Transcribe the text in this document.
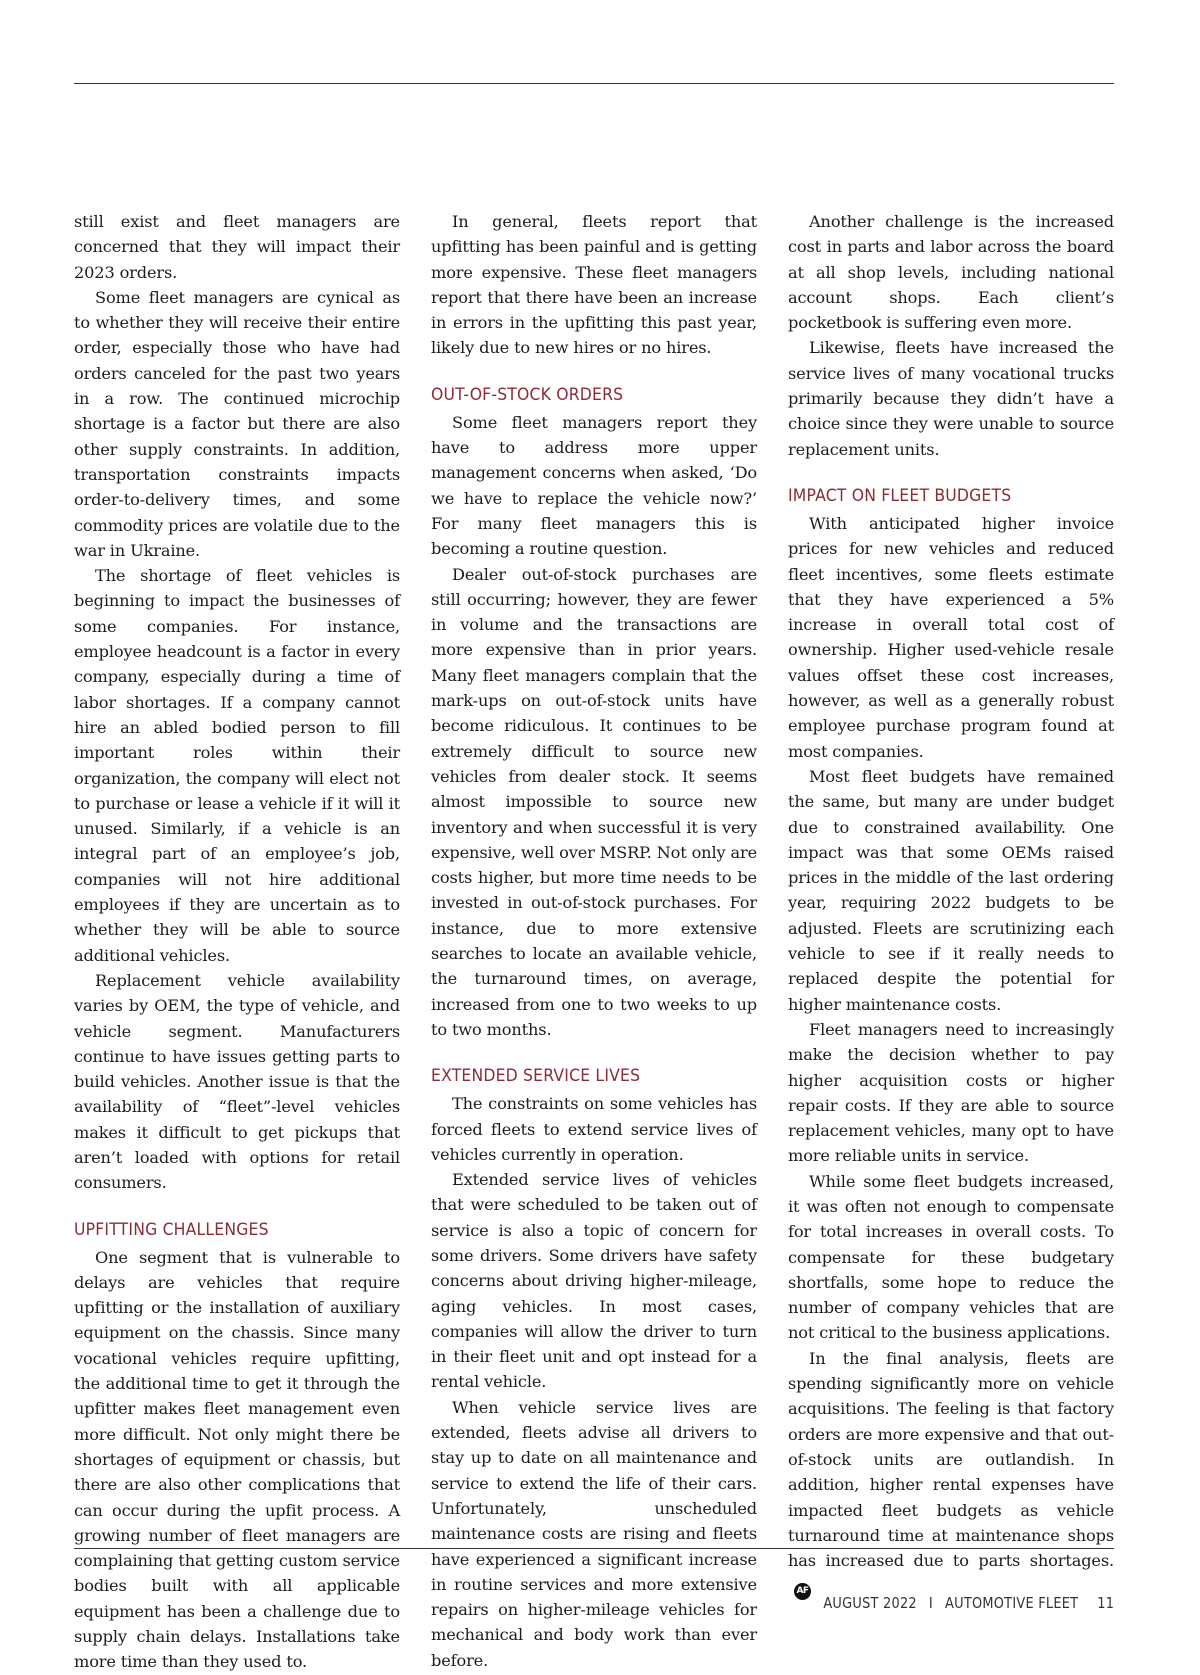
still exist and fleet managers are concerned that they will impact their 2023 orders.

Some fleet managers are cynical as to whether they will receive their entire order, especially those who have had orders canceled for the past two years in a row. The continued microchip shortage is a factor but there are also other supply constraints. In addition, transportation constraints impacts order-to-delivery times, and some commodity prices are volatile due to the war in Ukraine.

The shortage of fleet vehicles is beginning to impact the businesses of some companies. For instance, employee headcount is a factor in every company, especially during a time of labor shortages. If a company cannot hire an abled bodied person to fill important roles within their organization, the company will elect not to purchase or lease a vehicle if it will it unused. Similarly, if a vehicle is an integral part of an employee’s job, companies will not hire additional employees if they are uncertain as to whether they will be able to source additional vehicles.

Replacement vehicle availability varies by OEM, the type of vehicle, and vehicle segment. Manufacturers continue to have issues getting parts to build vehicles. Another issue is that the availability of “fleet”-level vehicles makes it difficult to get pickups that aren’t loaded with options for retail consumers.

UPFITTING CHALLENGES

One segment that is vulnerable to delays are vehicles that require upfitting or the installation of auxiliary equipment on the chassis. Since many vocational vehicles require upfitting, the additional time to get it through the upfitter makes fleet management even more difficult. Not only might there be shortages of equipment or chassis, but there are also other complications that can occur during the upfit process. A growing number of fleet managers are complaining that getting custom service bodies built with all applicable equipment has been a challenge due to supply chain delays. Installations take more time than they used to.

In general, fleets report that upfitting has been painful and is getting more expensive. These fleet managers report that there have been an increase in errors in the upfitting this past year, likely due to new hires or no hires.

OUT-OF-STOCK ORDERS

Some fleet managers report they have to address more upper management concerns when asked, ‘Do we have to replace the vehicle now?’ For many fleet managers this is becoming a routine question.

Dealer out-of-stock purchases are still occurring; however, they are fewer in volume and the transactions are more expensive than in prior years. Many fleet managers complain that the mark-ups on out-of-stock units have become ridiculous. It continues to be extremely difficult to source new vehicles from dealer stock. It seems almost impossible to source new inventory and when successful it is very expensive, well over MSRP. Not only are costs higher, but more time needs to be invested in out-of-stock purchases. For instance, due to more extensive searches to locate an available vehicle, the turnaround times, on average, increased from one to two weeks to up to two months.

EXTENDED SERVICE LIVES

The constraints on some vehicles has forced fleets to extend service lives of vehicles currently in operation.

Extended service lives of vehicles that were scheduled to be taken out of service is also a topic of concern for some drivers. Some drivers have safety concerns about driving higher-mileage, aging vehicles. In most cases, companies will allow the driver to turn in their fleet unit and opt instead for a rental vehicle.

When vehicle service lives are extended, fleets advise all drivers to stay up to date on all maintenance and service to extend the life of their cars. Unfortunately, unscheduled maintenance costs are rising and fleets have experienced a significant increase in routine services and more extensive repairs on higher-mileage vehicles for mechanical and body work than ever before.

Another challenge is the increased cost in parts and labor across the board at all shop levels, including national account shops. Each client’s pocketbook is suffering even more.

Likewise, fleets have increased the service lives of many vocational trucks primarily because they didn’t have a choice since they were unable to source replacement units.

IMPACT ON FLEET BUDGETS

With anticipated higher invoice prices for new vehicles and reduced fleet incentives, some fleets estimate that they have experienced a 5% increase in overall total cost of ownership. Higher used-vehicle resale values offset these cost increases, however, as well as a generally robust employee purchase program found at most companies.

Most fleet budgets have remained the same, but many are under budget due to constrained availability. One impact was that some OEMs raised prices in the middle of the last ordering year, requiring 2022 budgets to be adjusted. Fleets are scrutinizing each vehicle to see if it really needs to replaced despite the potential for higher maintenance costs.

Fleet managers need to increasingly make the decision whether to pay higher acquisition costs or higher repair costs. If they are able to source replacement vehicles, many opt to have more reliable units in service.

While some fleet budgets increased, it was often not enough to compensate for total increases in overall costs. To compensate for these budgetary shortfalls, some hope to reduce the number of company vehicles that are not critical to the business applications.

In the final analysis, fleets are spending significantly more on vehicle acquisitions. The feeling is that factory orders are more expensive and that out-of-stock units are outlandish. In addition, higher rental expenses have impacted fleet budgets as vehicle turnaround time at maintenance shops has increased due to parts shortages.AF

AUGUST 2022 I AUTOMOTIVE FLEET 11
